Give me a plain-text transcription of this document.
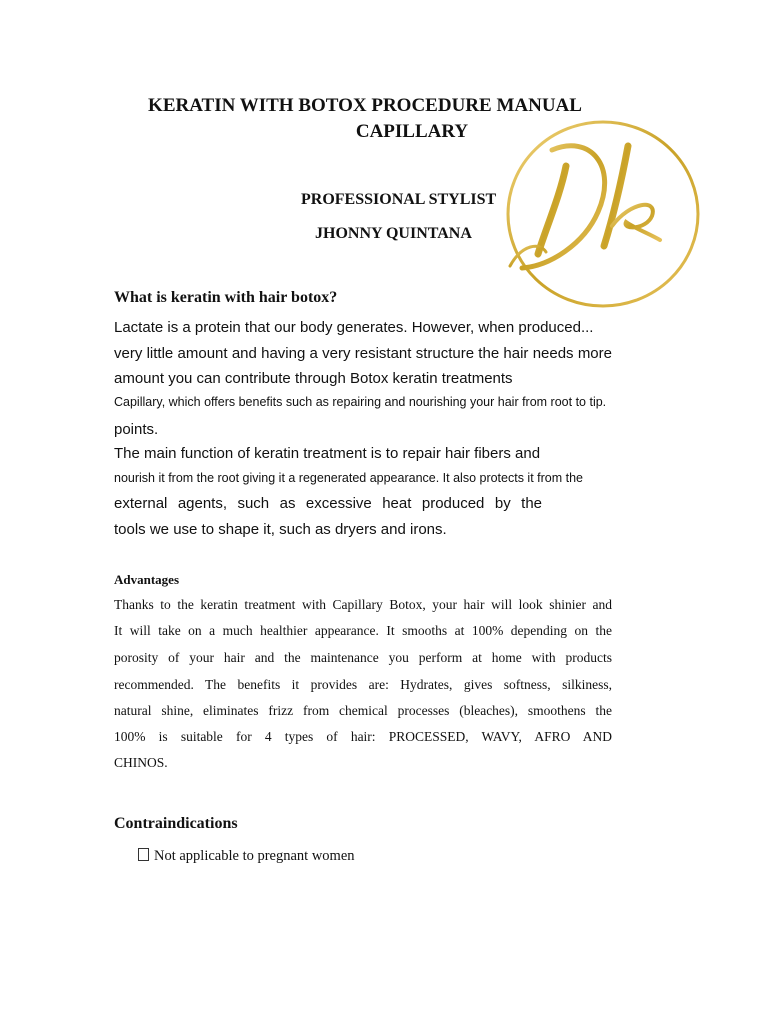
KERATIN WITH BOTOX PROCEDURE MANUAL
CAPILLARY
PROFESSIONAL STYLIST
JHONNY QUINTANA
What is keratin with hair botox?
Lactate is a protein that our body generates. However, when produced...
very little amount and having a very resistant structure the hair needs more
amount you can contribute through Botox keratin treatments
Capillary, which offers benefits such as repairing and nourishing your hair from root to tip.
points.
The main function of keratin treatment is to repair hair fibers and
nourish it from the root giving it a regenerated appearance. It also protects it from the
external agents, such as excessive heat produced by the
tools we use to shape it, such as dryers and irons.
Advantages
Thanks to the keratin treatment with Capillary Botox, your hair will look shinier and
It will take on a much healthier appearance. It smooths at 100% depending on the
porosity of your hair and the maintenance you perform at home with products
recommended. The benefits it provides are: Hydrates, gives softness, silkiness,
natural shine, eliminates frizz from chemical processes (bleaches), smoothens the
100% is suitable for 4 types of hair: PROCESSED, WAVY, AFRO AND
CHINOS.
Contraindications
Not applicable to pregnant women
